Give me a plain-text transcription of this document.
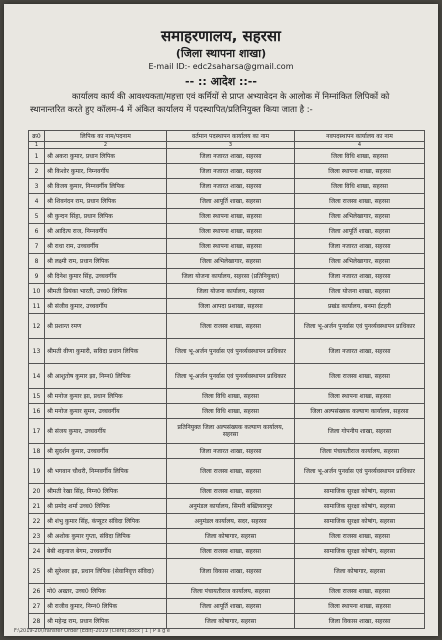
समाहरणालय, सहरसा
(जिला स्थापना शाखा)
E-mail ID:- edc2saharsa@gmail.com
-- :: आदेश ::--
कार्यालय कार्य की आवश्यकता/महत्ता एवं कर्मियों से प्राप्त अभ्यावेदन के आलोक में निम्नांकित लिपिकों को स्थानान्तरित करते हुए कॉलम-4 में अंकित कार्यालय में पदस्थापित/प्रतिनियुक्त किया जाता है :-
क्र0	लिपिक का नाम/पदनाम	वर्तमान पदस्थापन कार्यालय का नाम	नवपदस्थापन कार्यालय का नाम
1	2	3	4
1	श्री अकरा कुमार, प्रधान लिपिक	जिला नजारत शाखा, सहरसा	जिला विधि शाखा, सहरसा
2	श्री किशोर कुमार, निम्नवर्गीय	जिला नजारत शाखा, सहरसा	जिला स्थापना शाखा, सहरसा
3	श्री विजय कुमार, निम्नवर्गीय लिपिक	जिला नजारत शाखा, सहरसा	जिला विधि शाखा, सहरसा
4	श्री शिवनंदन राम, प्रधान लिपिक	जिला आपूर्ति शाखा, सहरसा	जिला राजस्व शाखा, सहरसा
5	श्री कुन्दन सिंहा, प्रधान लिपिक	जिला स्थापना शाखा, सहरसा	जिला अभिलेखागार, सहरसा
6	श्री आदित्य राज, निम्नवर्गीय	जिला स्थापना शाखा, सहरसा	जिला आपूर्ति शाखा, सहरसा
7	श्री राधा राम, उच्चवर्गीय	जिला स्थापना शाखा, सहरसा	जिला नजारत शाखा, सहरसा
8	श्री लक्ष्मी राम, प्रधान लिपिक	जिला अभिलेखागार, सहरसा	जिला अभिलेखागार, सहरसा
9	श्री दिनेश कुमार सिंह, उच्चवर्गीय	जिला योजना कार्यालय, सहरसा (प्रतिनियुक्त)	जिला नजारत शाखा, सहरसा
10	श्रीमती प्रियंका भारती, उच्च0 लिपिक	जिला योजना कार्यालय, सहरसा	जिला योजना शाखा, सहरसा
11	श्री संजीव कुमार, उच्चवर्गीय	जिला आपदा प्रशाखा, सहरसा	प्रखंड कार्यालय, बनमा ईटहरी
12	श्री प्रशान्त रमण	जिला राजस्व शाखा, सहरसा	जिला भू-अर्जन पुनर्वास एवं पुनर्व्यवस्थापन प्राधिकार
13	श्रीमती वीणा कुमारी, सविदा प्रधान लिपिक	जिला भू-अर्जन पुनर्वास एवं पुनर्व्यवस्थापन प्राधिकार	जिला नजारत शाखा, सहरसा
14	श्री आशुतोष कुमार झा, निम्न0 लिपिक	जिला भू-अर्जन पुनर्वास एवं पुनर्व्यवस्थापन प्राधिकार	जिला राजस्व शाखा, सहरसा
15	श्री मनोज कुमार झा, प्रधान लिपिक	जिला विधि शाखा, सहरसा	जिला स्थापना शाखा, सहरसा
16	श्री मनोज कुमार सुमन, उच्चवर्गीय	जिला विधि शाखा, सहरसा	जिला अल्पसंख्यक कल्याण कार्यालय, सहरसा
17	श्री संजय कुमार, उच्चवर्गीय	प्रतिनियुक्त जिला अल्पसंख्यक कल्याण कार्यालय, सहरसा	जिला गोपनीय शाखा, सहरसा
18	श्री सुदर्शन कुमार, उच्चवर्गीय	जिला नजारत शाखा, सहरसा	जिला पंचायतीराज कार्यालय, सहरसा
19	श्री भगवान चौधरी, निम्नवर्गीय लिपिक	जिला राजस्व शाखा, सहरसा	जिला भू-अर्जन पुनर्वास एवं पुनर्व्यवस्थापन प्राधिकार
20	श्रीमती रेखा सिंह, निम्न0 लिपिक	जिला राजस्व शाखा, सहरसा	सामाजिक सुरक्षा कोषांग, सहरसा
21	श्री प्रमोद शर्मा उच्च0 लिपिक	अनुमंडल कार्यालय, सिमरी बख्तियारपुर	सामाजिक सुरक्षा कोषांग, सहरसा
22	श्री शंभु कुमार सिंह, कंप्यूटर संविदा लिपिक	अनुमंडल कार्यालय, सदर, सहरसा	सामाजिक सुरक्षा कोषांग, सहरसा
23	श्री अशोक कुमार गुप्ता, संविदा लिपिक	जिला कोषागार, सहरसा	जिला राजस्व शाखा, सहरसा
24	बेबी शहनाज बेगम, उच्चवर्गीय	जिला राजस्व शाखा, सहरसा	सामाजिक सुरक्षा कोषांग, सहरसा
25	श्री सुरेश्वर झा, प्रधान लिपिक (सेवानिवृत्त संविदा)	जिला विकास शाखा, सहरसा	जिला कोषागार, सहरसा
26	मो0 अख्तर, उच्च0 लिपिक	जिला पंचायतीराज कार्यालय, सहरसा	जिला राजस्व शाखा, सहरसा
27	श्री राजीव कुमार, निम्न0 लिपिक	जिला आपूर्ति शाखा, सहरसा	जिला स्थापना शाखा, सहरसा
28	श्री महेन्द्र राम, प्रधान लिपिक	जिला कोषागार, सहरसा	जिला विकास शाखा, सहरसा
F:\2019-20\Transfer Order (Edit)-2019 (Clerk).docx | 1 | P a g e
